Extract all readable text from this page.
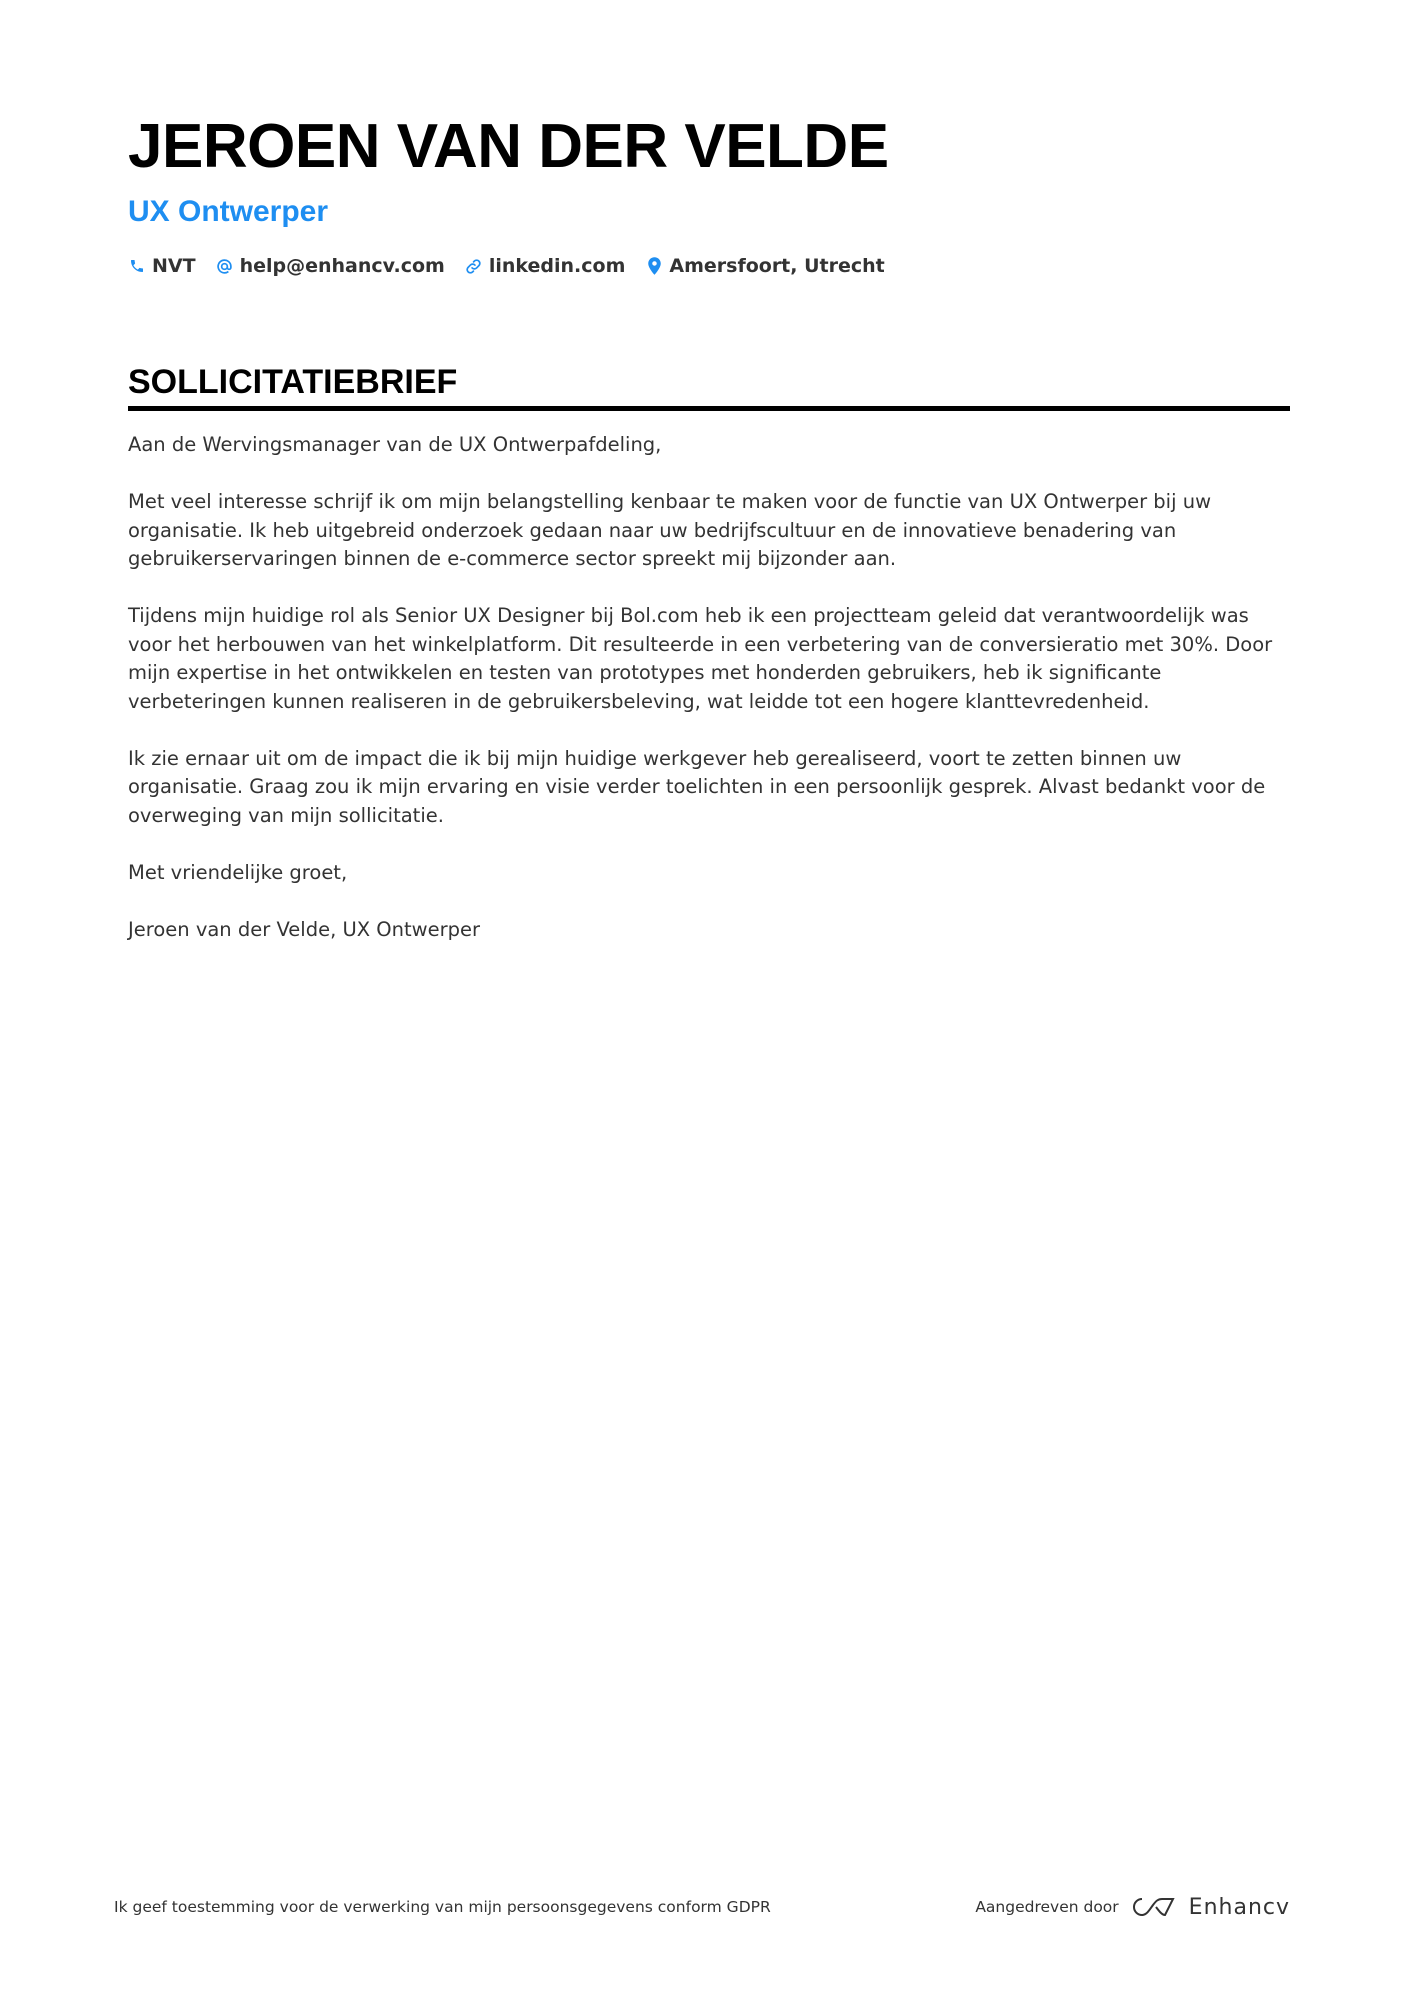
JEROEN VAN DER VELDE
UX Ontwerper
NVT help@enhancv.com linkedin.com Amersfoort, Utrecht
SOLLICITATIEBRIEF

Aan de Wervingsmanager van de UX Ontwerpafdeling,

Met veel interesse schrijf ik om mijn belangstelling kenbaar te maken voor de functie van UX Ontwerper bij uw organisatie. Ik heb uitgebreid onderzoek gedaan naar uw bedrijfscultuur en de innovatieve benadering van gebruikerservaringen binnen de e-commerce sector spreekt mij bijzonder aan.

Tijdens mijn huidige rol als Senior UX Designer bij Bol.com heb ik een projectteam geleid dat verantwoordelijk was voor het herbouwen van het winkelplatform. Dit resulteerde in een verbetering van de conversieratio met 30%. Door mijn expertise in het ontwikkelen en testen van prototypes met honderden gebruikers, heb ik significante verbeteringen kunnen realiseren in de gebruikersbeleving, wat leidde tot een hogere klanttevredenheid.

Ik zie ernaar uit om de impact die ik bij mijn huidige werkgever heb gerealiseerd, voort te zetten binnen uw organisatie. Graag zou ik mijn ervaring en visie verder toelichten in een persoonlijk gesprek. Alvast bedankt voor de overweging van mijn sollicitatie.

Met vriendelijke groet,

Jeroen van der Velde, UX Ontwerper

Ik geef toestemming voor de verwerking van mijn persoonsgegevens conform GDPR	Aangedreven door	Enhancv
